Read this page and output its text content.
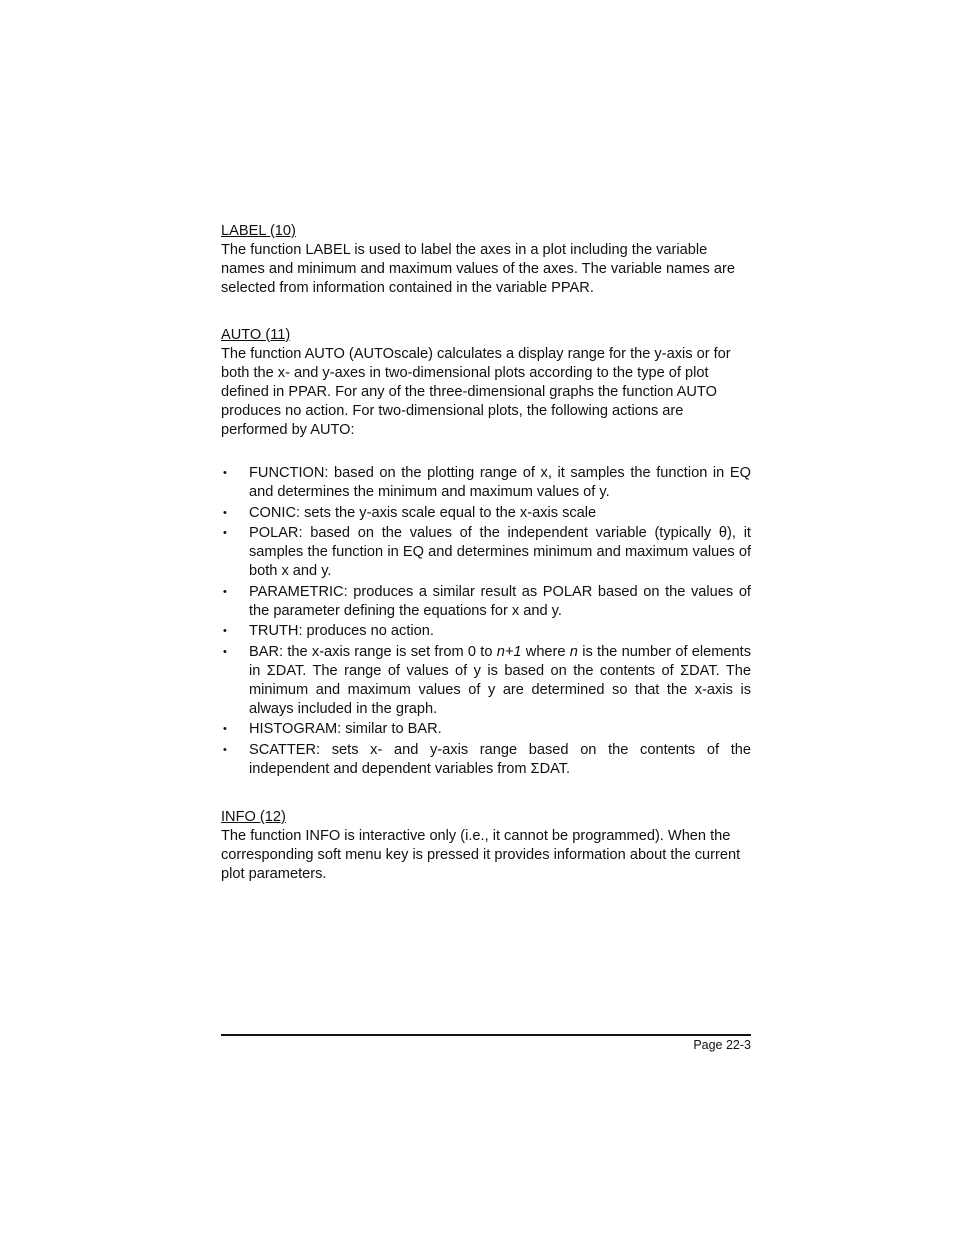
LABEL (10)

The function LABEL is used to label the axes in a plot including the variable names and minimum and maximum values of the axes. The variable names are selected from information contained in the variable PPAR.

AUTO (11)

The function AUTO (AUTOscale) calculates a display range for the y-axis or for both the x- and y-axes in two-dimensional plots according to the type of plot defined in PPAR. For any of the three-dimensional graphs the function AUTO produces no action. For two-dimensional plots, the following actions are performed by AUTO:

• FUNCTION: based on the plotting range of x, it samples the function in EQ and determines the minimum and maximum values of y.
• CONIC: sets the y-axis scale equal to the x-axis scale
• POLAR: based on the values of the independent variable (typically θ), it samples the function in EQ and determines minimum and maximum values of both x and y.
• PARAMETRIC: produces a similar result as POLAR based on the values of the parameter defining the equations for x and y.
• TRUTH: produces no action.
• BAR: the x-axis range is set from 0 to n+1 where n is the number of elements in ΣDAT. The range of values of y is based on the contents of ΣDAT. The minimum and maximum values of y are determined so that the x-axis is always included in the graph.
• HISTOGRAM: similar to BAR.
• SCATTER: sets x- and y-axis range based on the contents of the independent and dependent variables from ΣDAT.

INFO (12)

The function INFO is interactive only (i.e., it cannot be programmed). When the corresponding soft menu key is pressed it provides information about the current plot parameters.

Page 22-3
